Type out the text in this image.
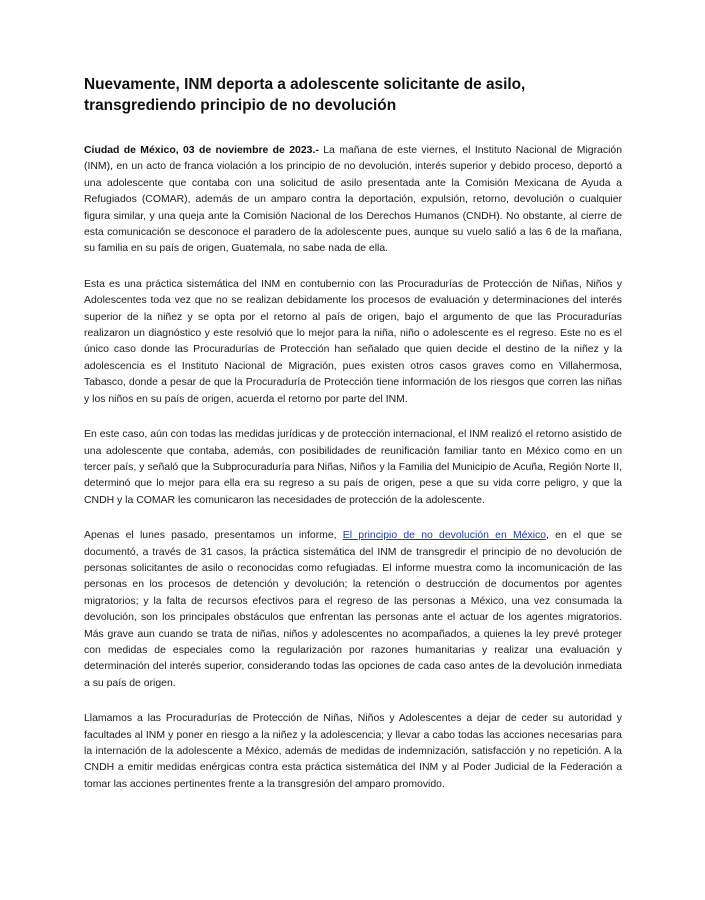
Nuevamente, INM deporta a adolescente solicitante de asilo, transgrediendo principio de no devolución

Ciudad de México, 03 de noviembre de 2023.- La mañana de este viernes, el Instituto Nacional de Migración (INM), en un acto de franca violación a los principio de no devolución, interés superior y debido proceso, deportó a una adolescente que contaba con una solicitud de asilo presentada ante la Comisión Mexicana de Ayuda a Refugiados (COMAR), además de un amparo contra la deportación, expulsión, retorno, devolución o cualquier figura similar, y una queja ante la Comisión Nacional de los Derechos Humanos (CNDH). No obstante, al cierre de esta comunicación se desconoce el paradero de la adolescente pues, aunque su vuelo salió a las 6 de la mañana, su familia en su país de origen, Guatemala, no sabe nada de ella.

Esta es una práctica sistemática del INM en contubernio con las Procuradurías de Protección de Niñas, Niños y Adolescentes toda vez que no se realizan debidamente los procesos de evaluación y determinaciones del interés superior de la niñez y se opta por el retorno al país de origen, bajo el argumento de que las Procuradurías realizaron un diagnóstico y este resolvió que lo mejor para la niña, niño o adolescente es el regreso. Este no es el único caso donde las Procuradurías de Protección han señalado que quien decide el destino de la niñez y la adolescencia es el Instituto Nacional de Migración, pues existen otros casos graves como en Villahermosa, Tabasco, donde a pesar de que la Procuraduría de Protección tiene información de los riesgos que corren las niñas y los niños en su país de origen, acuerda el retorno por parte del INM.

En este caso, aún con todas las medidas jurídicas y de protección internacional, el INM realizó el retorno asistido de una adolescente que contaba, además, con posibilidades de reunificación familiar tanto en México como en un tercer país, y señaló que la Subprocuraduría para Niñas, Niños y la Familia del Municipio de Acuña, Región Norte II, determinó que lo mejor para ella era su regreso a su país de origen, pese a que su vida corre peligro, y que la CNDH y la COMAR les comunicaron las necesidades de protección de la adolescente.

Apenas el lunes pasado, presentamos un informe, El principio de no devolución en México, en el que se documentó, a través de 31 casos, la práctica sistemática del INM de transgredir el principio de no devolución de personas solicitantes de asilo o reconocidas como refugiadas. El informe muestra como la incomunicación de las personas en los procesos de detención y devolución; la retención o destrucción de documentos por agentes migratorios; y la falta de recursos efectivos para el regreso de las personas a México, una vez consumada la devolución, son los principales obstáculos que enfrentan las personas ante el actuar de los agentes migratorios. Más grave aun cuando se trata de niñas, niños y adolescentes no acompañados, a quienes la ley prevé proteger con medidas de especiales como la regularización por razones humanitarias y realizar una evaluación y determinación del interés superior, considerando todas las opciones de cada caso antes de la devolución inmediata a su país de origen.

Llamamos a las Procuradurías de Protección de Niñas, Niños y Adolescentes a dejar de ceder su autoridad y facultades al INM y poner en riesgo a la niñez y la adolescencia; y llevar a cabo todas las acciones necesarias para la internación de la adolescente a México, además de medidas de indemnización, satisfacción y no repetición. A la CNDH a emitir medidas enérgicas contra esta práctica sistemática del INM y al Poder Judicial de la Federación a tomar las acciones pertinentes frente a la transgresión del amparo promovido.
